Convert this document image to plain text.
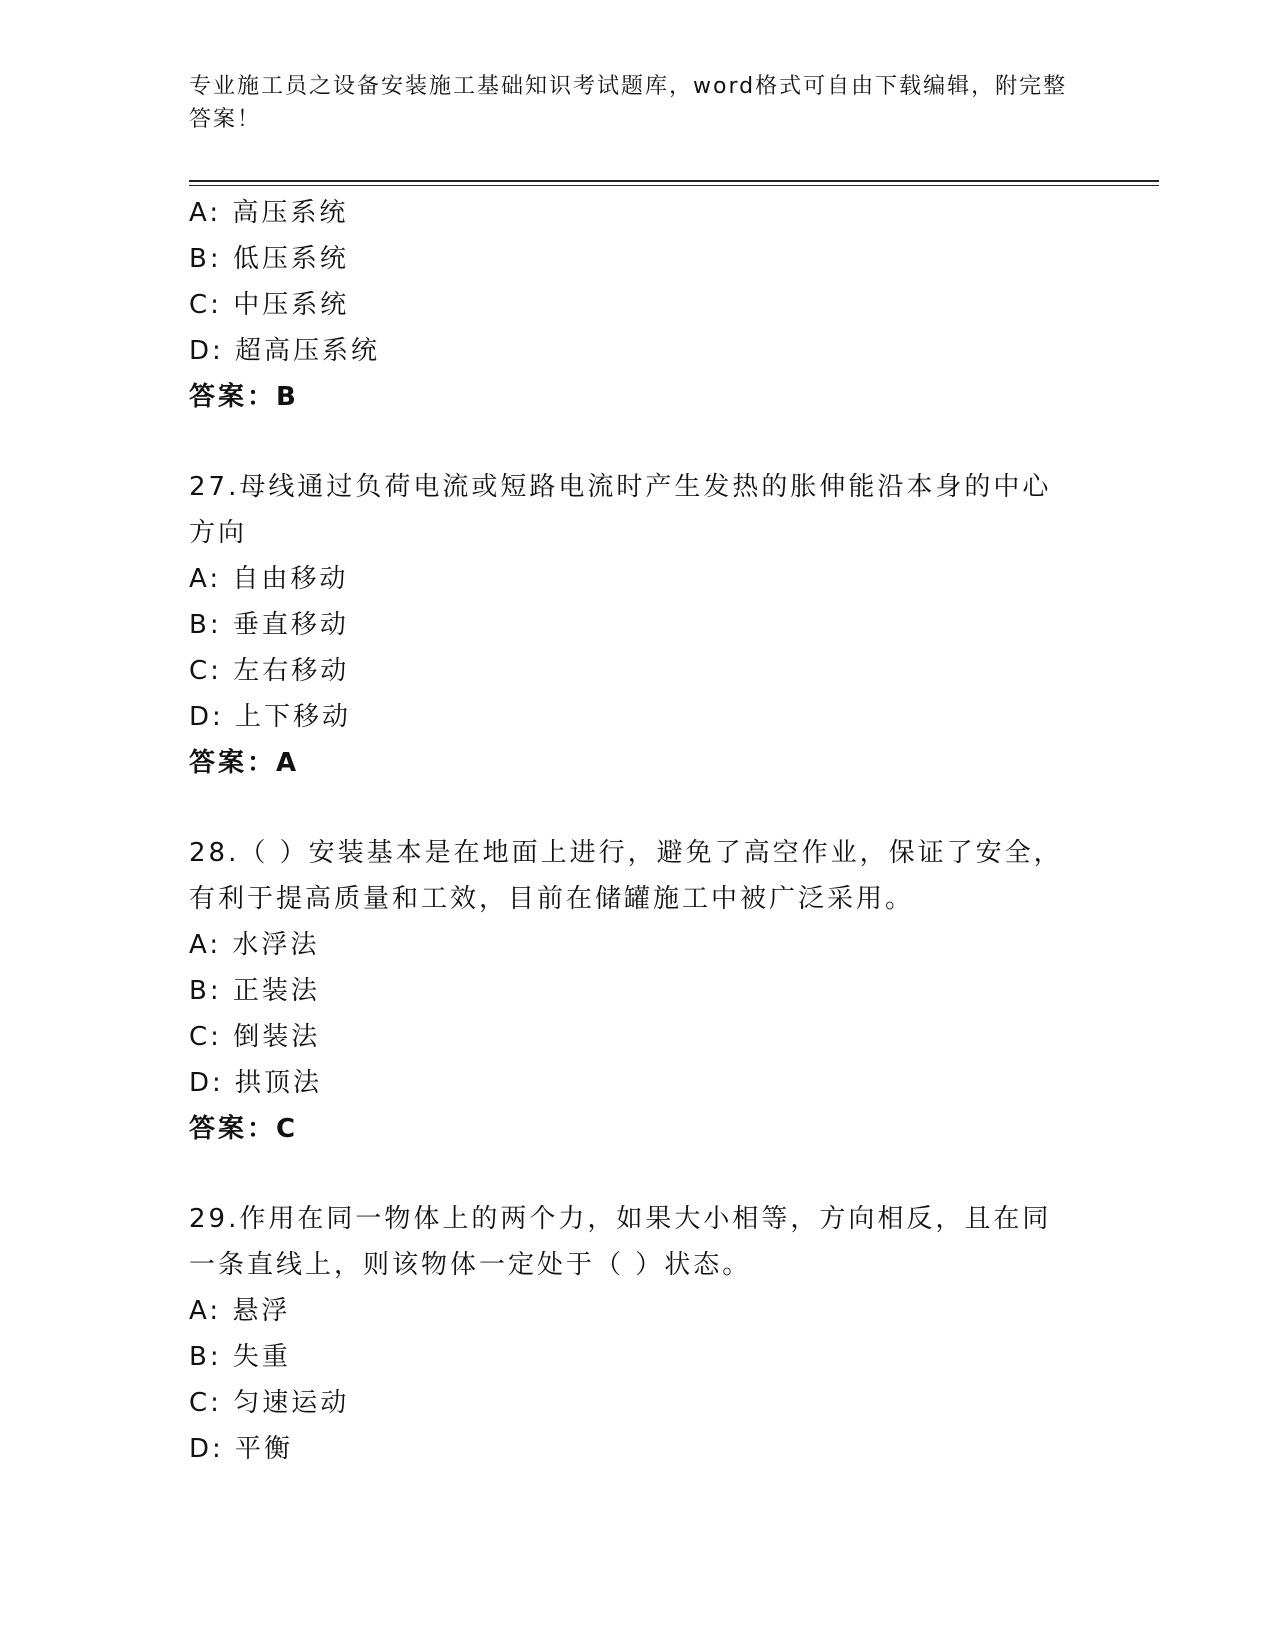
专业施工员之设备安装施工基础知识考试题库，word格式可自由下载编辑，附完整答案！
A: 高压系统
B: 低压系统
C: 中压系统
D: 超高压系统
答案：B
27.母线通过负荷电流或短路电流时产生发热的胀伸能沿本身的中心方向
A: 自由移动
B: 垂直移动
C: 左右移动
D: 上下移动
答案：A
28.（ ）安装基本是在地面上进行，避免了高空作业，保证了安全，有利于提高质量和工效，目前在储罐施工中被广泛采用。
A: 水浮法
B: 正装法
C: 倒装法
D: 拱顶法
答案：C
29.作用在同一物体上的两个力，如果大小相等，方向相反，且在同一条直线上，则该物体一定处于（ ）状态。
A: 悬浮
B: 失重
C: 匀速运动
D: 平衡
